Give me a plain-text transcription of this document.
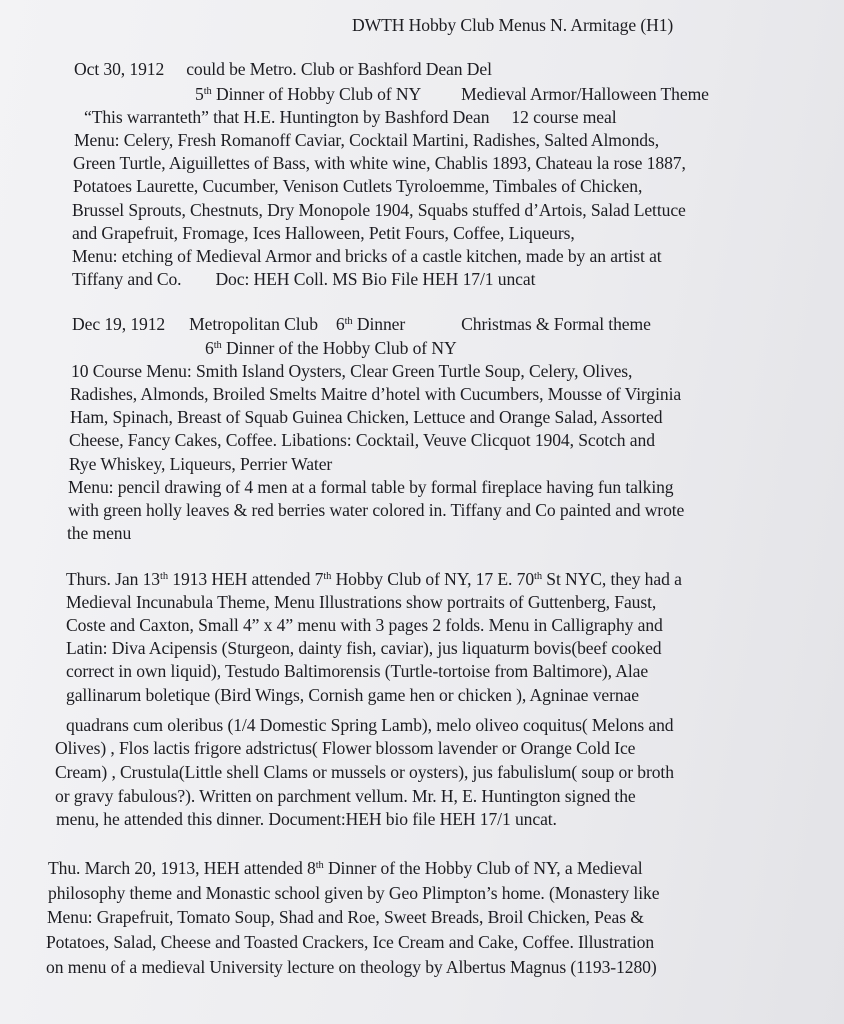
DWTH Hobby Club Menus N. Armitage (H1)
Oct 30, 1912 could be Metro. Club or Bashford Dean Del
5th Dinner of Hobby Club of NY Medieval Armor/Halloween Theme
“This warranteth” that H.E. Huntington by Bashford Dean 12 course meal
Menu: Celery, Fresh Romanoff Caviar, Cocktail Martini, Radishes, Salted Almonds,
Green Turtle, Aiguillettes of Bass, with white wine, Chablis 1893, Chateau la rose 1887,
Potatoes Laurette, Cucumber, Venison Cutlets Tyroloemme, Timbales of Chicken,
Brussel Sprouts, Chestnuts, Dry Monopole 1904, Squabs stuffed d’Artois, Salad Lettuce
and Grapefruit, Fromage, Ices Halloween, Petit Fours, Coffee, Liqueurs,
Menu: etching of Medieval Armor and bricks of a castle kitchen, made by an artist at
Tiffany and Co. Doc: HEH Coll. MS Bio File HEH 17/1 uncat
Dec 19, 1912 Metropolitan Club 6th Dinner	Christmas & Formal theme
6th Dinner of the Hobby Club of NY
10 Course Menu: Smith Island Oysters, Clear Green Turtle Soup, Celery, Olives,
Radishes, Almonds, Broiled Smelts Maitre d’hotel with Cucumbers, Mousse of Virginia
Ham, Spinach, Breast of Squab Guinea Chicken, Lettuce and Orange Salad, Assorted
Cheese, Fancy Cakes, Coffee. Libations: Cocktail, Veuve Clicquot 1904, Scotch and
Rye Whiskey, Liqueurs, Perrier Water
Menu: pencil drawing of 4 men at a formal table by formal fireplace having fun talking
with green holly leaves & red berries water colored in. Tiffany and Co painted and wrote
the menu
Thurs. Jan 13th 1913 HEH attended 7th Hobby Club of NY, 17 E. 70th St NYC, they had a
Medieval Incunabula Theme, Menu Illustrations show portraits of Guttenberg, Faust,
Coste and Caxton, Small 4” x 4” menu with 3 pages 2 folds. Menu in Calligraphy and
Latin: Diva Acipensis (Sturgeon, dainty fish, caviar), jus liquaturm bovis(beef cooked
correct in own liquid), Testudo Baltimorensis (Turtle-tortoise from Baltimore), Alae
gallinarum boletique (Bird Wings, Cornish game hen or chicken ), Agninae vernae
quadrans cum oleribus (1/4 Domestic Spring Lamb), melo oliveo coquitus( Melons and
Olives) , Flos lactis frigore adstrictus( Flower blossom lavender or Orange Cold Ice
Cream) , Crustula(Little shell Clams or mussels or oysters), jus fabulislum( soup or broth
or gravy fabulous?). Written on parchment vellum. Mr. H, E. Huntington signed the
menu, he attended this dinner. Document:HEH bio file HEH 17/1 uncat.
Thu. March 20, 1913, HEH attended 8th Dinner of the Hobby Club of NY, a Medieval
philosophy theme and Monastic school given by Geo Plimpton’s home. (Monastery like
Menu: Grapefruit, Tomato Soup, Shad and Roe, Sweet Breads, Broil Chicken, Peas &
Potatoes, Salad, Cheese and Toasted Crackers, Ice Cream and Cake, Coffee. Illustration
on menu of a medieval University lecture on theology by Albertus Magnus (1193-1280)
